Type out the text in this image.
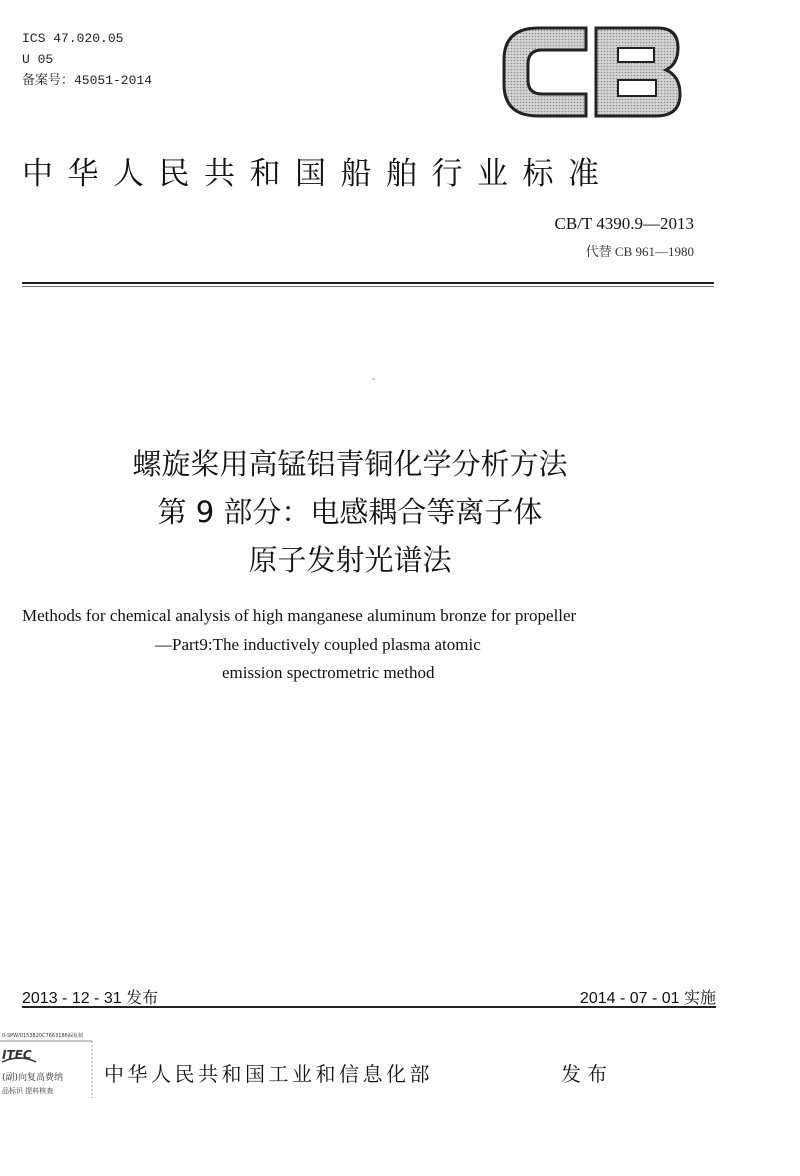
ICS 47.020.05
U 05
备案号：45051-2014
中华人民共和国船舶行业标准
CB/T 4390.9—2013
代替 CB 961—1980
螺旋桨用高锰铝青铜化学分析方法
第 9 部分：电感耦合等离子体
原子发射光谱法
Methods for chemical analysis of high manganese aluminum bronze for propeller
—Part9:The inductively coupled plasma atomic
emission spectrometric method
2013 - 12 - 31 发布	2014 - 07 - 01 实施
0-SPW/0153820C7663186漏复制
ITEC
(副)向复高费纳
品标识 提料核查
中华人民共和国工业和信息化部	发布
